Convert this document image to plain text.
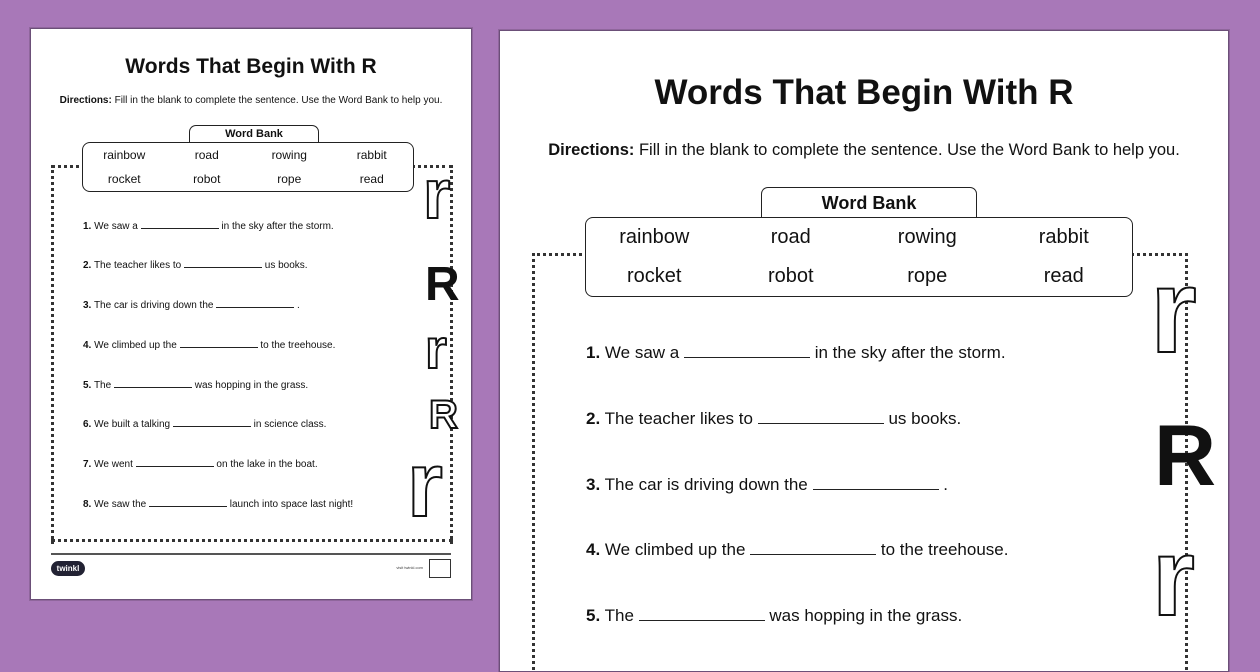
Words That Begin With R

Directions: Fill in the blank to complete the sentence. Use the Word Bank to help you.

Word Bank
rainbow	road	rowing	rabbit
rocket	robot	rope	read
1. We saw a	in the sky after the storm.
2. The teacher likes to	us books.
3. The car is driving down the	.
4. We climbed up the	to the treehouse.
5. The	was hopping in the grass.
6. We built a talking	in science class.
7. We went	on the lake in the boat.
8. We saw the	launch into space last night!
r
R
r
R
r
twinkl	visit twinkl.com
Words That Begin With R

Directions: Fill in the blank to complete the sentence. Use the Word Bank to help you.

Word Bank
rainbow	road	rowing	rabbit
rocket	robot	rope	read
1. We saw a	in the sky after the storm.
2. The teacher likes to	us books.
3. The car is driving down the	.
4. We climbed up the	to the treehouse.
5. The	was hopping in the grass.
r
R
r
